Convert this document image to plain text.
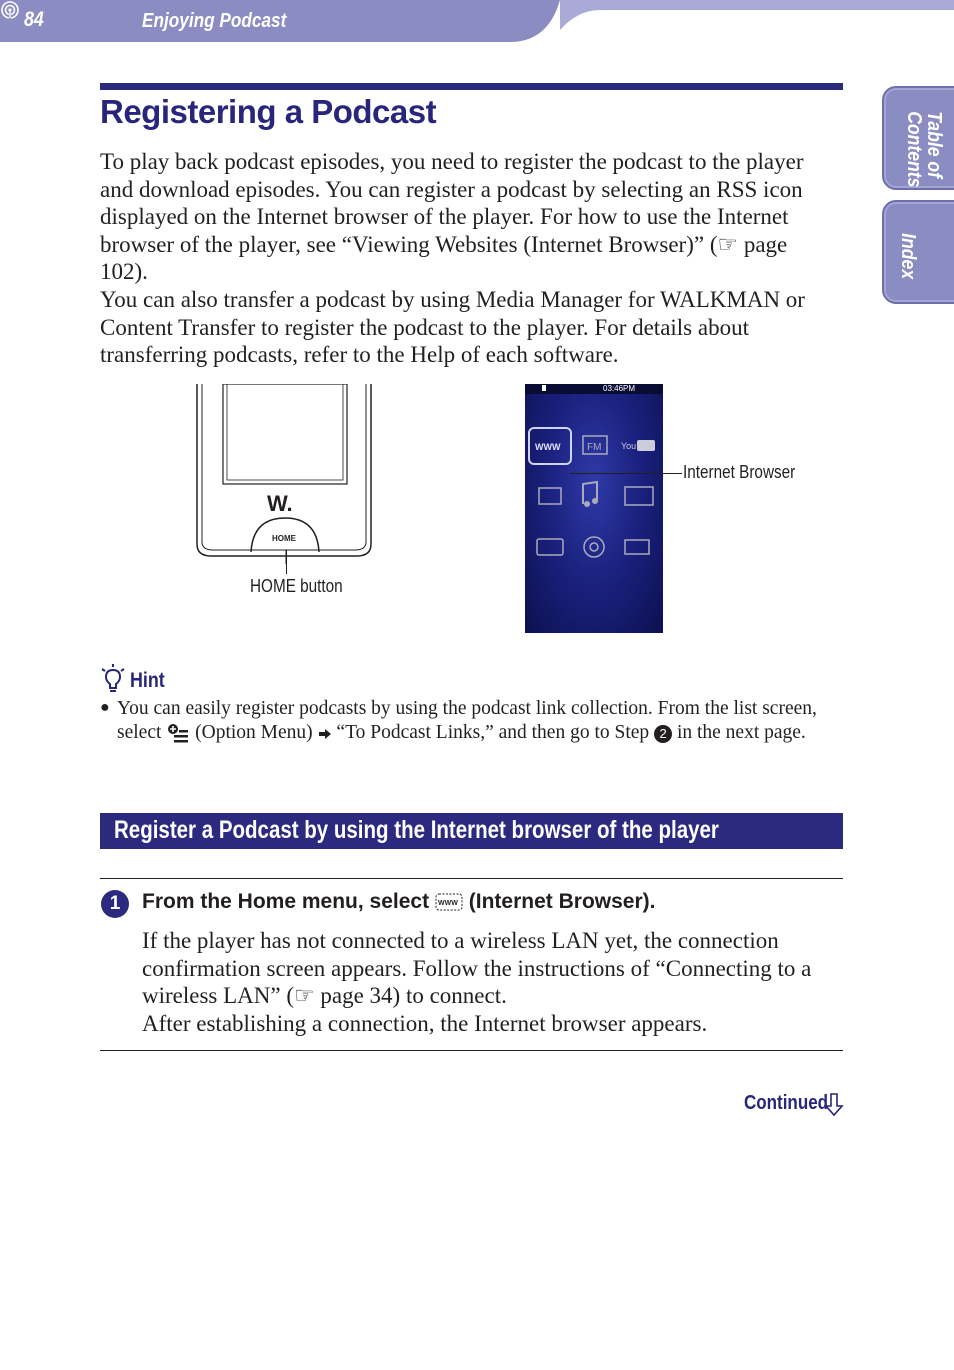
84	Enjoying Podcast
Table of Contents
Index
Registering a Podcast
To play back podcast episodes, you need to register the podcast to the player and download episodes. You can register a podcast by selecting an RSS icon displayed on the Internet browser of the player. For how to use the Internet browser of the player, see “Viewing Websites (Internet Browser)” (☞ page 102).
You can also transfer a podcast by using Media Manager for WALKMAN or Content Transfer to register the podcast to the player. For details about transferring podcasts, refer to the Help of each software.
W.
HOME
HOME button
03:46PM
WWW	FM You
Internet Browser
Hint
● You can easily register podcasts by using the podcast link collection. From the list screen, select (Option Menu) “To Podcast Links,” and then go to Step 2 in the next page.
Register a Podcast by using the Internet browser of the player
1	From the Home menu, select WWW (Internet Browser).
If the player has not connected to a wireless LAN yet, the connection confirmation screen appears. Follow the instructions of “Connecting to a wireless LAN” (☞ page 34) to connect.
After establishing a connection, the Internet browser appears.
Continued
